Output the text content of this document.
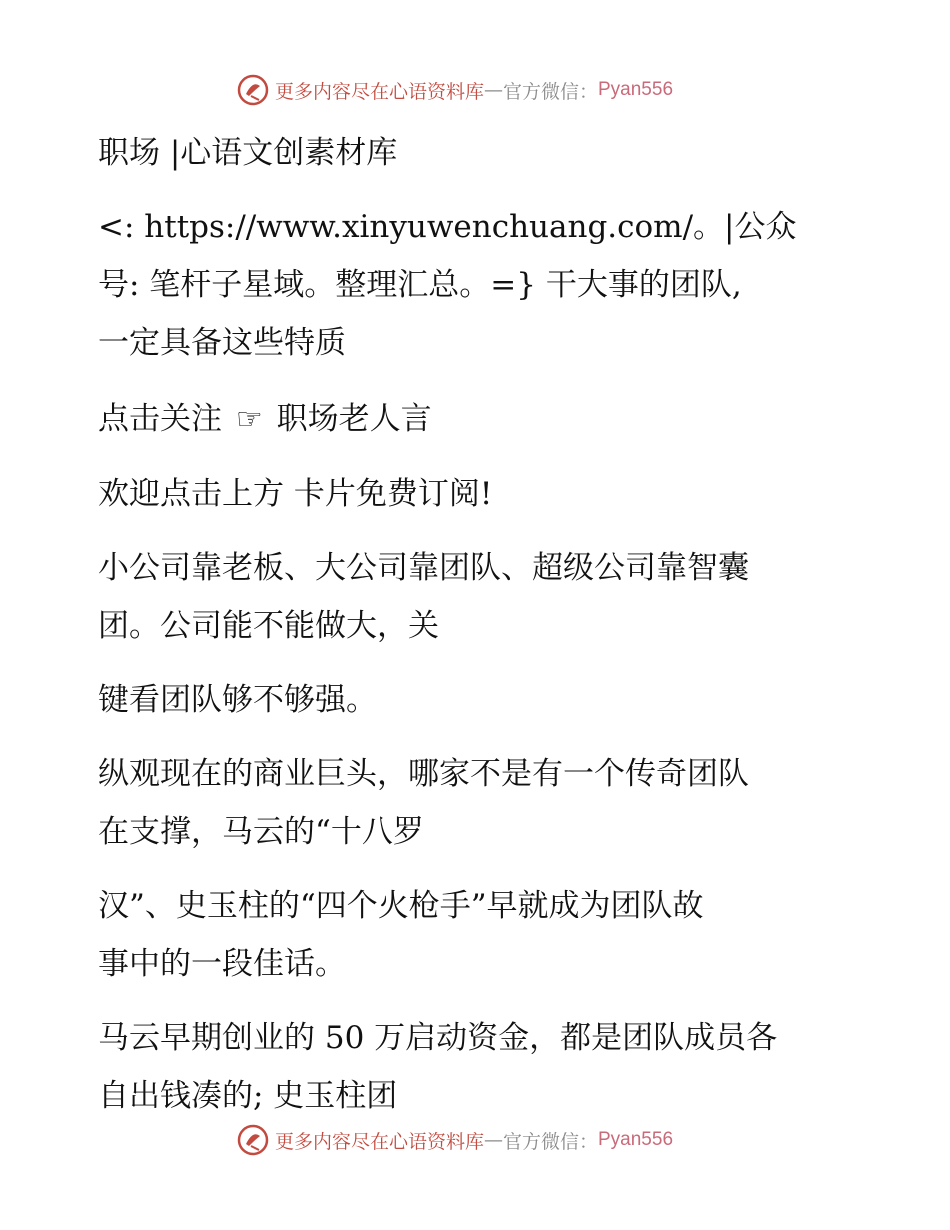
更多内容尽在心语资料库 — 官方微信： Pyan556
职场 |心语文创素材库
<: https://www.xinyuwenchuang.com/。|公众
号: 笔杆子星域。整理汇总。=} 干大事的团队,
一定具备这些特质
点击关注 ☞ 职场老人言
欢迎点击上方 卡片免费订阅!
小公司靠老板、大公司靠团队、超级公司靠智囊
团。公司能不能做大，关
键看团队够不够强。
纵观现在的商业巨头，哪家不是有一个传奇团队
在支撑，马云的“十八罗
汉”、史玉柱的“四个火枪手”早就成为团队故
事中的一段佳话。
马云早期创业的 50 万启动资金，都是团队成员各
自出钱凑的; 史玉柱团
更多内容尽在心语资料库 — 官方微信： Pyan556
